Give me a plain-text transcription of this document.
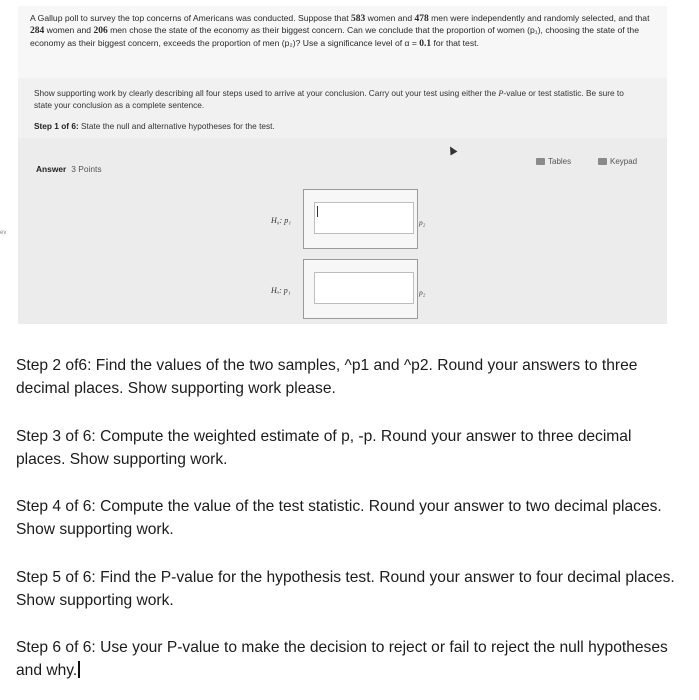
A Gallup poll to survey the top concerns of Americans was conducted. Suppose that 583 women and 478 men were independently and randomly selected, and that 284 women and 206 men chose the state of the economy as their biggest concern. Can we conclude that the proportion of women (p₁), choosing the state of the economy as their biggest concern, exceeds the proportion of men (p₂)? Use a significance level of α = 0.1 for that test.

Show supporting work by clearly describing all four steps used to arrive at your conclusion. Carry out your test using either the P-value or test statistic. Be sure to state your conclusion as a complete sentence.

Step 1 of 6: State the null and alternative hypotheses for the test.
Answer 3 Points
Tables	Keypad
H₀: p₁	p₂
Hₐ: p₁	p₂
ev

Step 2 of6: Find the values of the two samples, ^p1 and ^p2. Round your answers to three decimal places. Show supporting work please.

Step 3 of 6: Compute the weighted estimate of p, -p. Round your answer to three decimal places. Show supporting work.

Step 4 of 6: Compute the value of the test statistic. Round your answer to two decimal places. Show supporting work.

Step 5 of 6: Find the P-value for the hypothesis test. Round your answer to four decimal places. Show supporting work.

Step 6 of 6: Use your P-value to make the decision to reject or fail to reject the null hypotheses and why.
